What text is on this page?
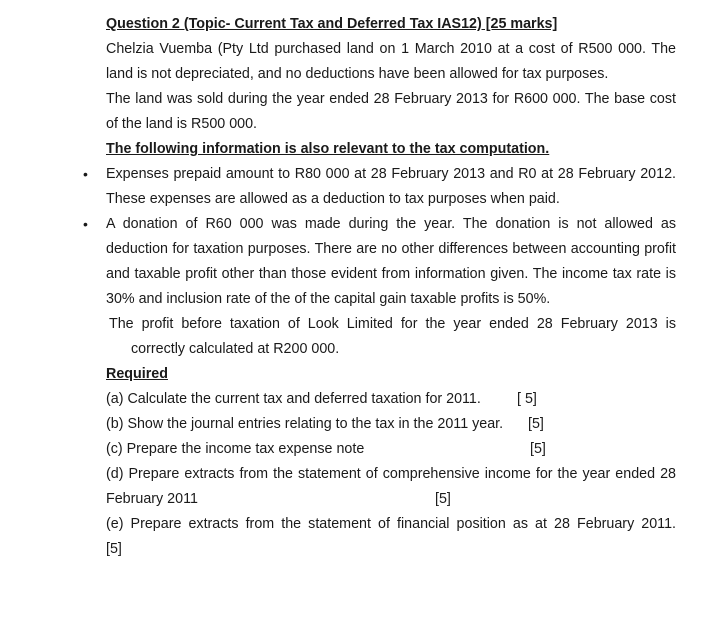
Question 2 (Topic- Current Tax and Deferred Tax IAS12) [25 marks]

Chelzia Vuemba (Pty Ltd purchased land on 1 March 2010 at a cost of R500 000. The land is not depreciated, and no deductions have been allowed for tax purposes.

The land was sold during the year ended 28 February 2013 for R600 000. The base cost of the land is R500 000.

The following information is also relevant to the tax computation.

• Expenses prepaid amount to R80 000 at 28 February 2013 and R0 at 28 February 2012. These expenses are allowed as a deduction to tax purposes when paid.

• A donation of R60 000 was made during the year. The donation is not allowed as deduction for taxation purposes. There are no other differences between accounting profit and taxable profit other than those evident from information given. The income tax rate is 30% and inclusion rate of the of the capital gain taxable profits is 50%.

The profit before taxation of Look Limited for the year ended 28 February 2013 is

correctly calculated at R200 000.

Required

(a) Calculate the current tax and deferred taxation for 2011.	[ 5]
(b) Show the journal entries relating to the tax in the 2011 year. [5]
(c) Prepare the income tax expense note	[5]

(d) Prepare extracts from the statement of comprehensive income for the year ended 28

February 2011	[5]

(e) Prepare extracts from the statement of financial position as at 28 February 2011.

[5]
